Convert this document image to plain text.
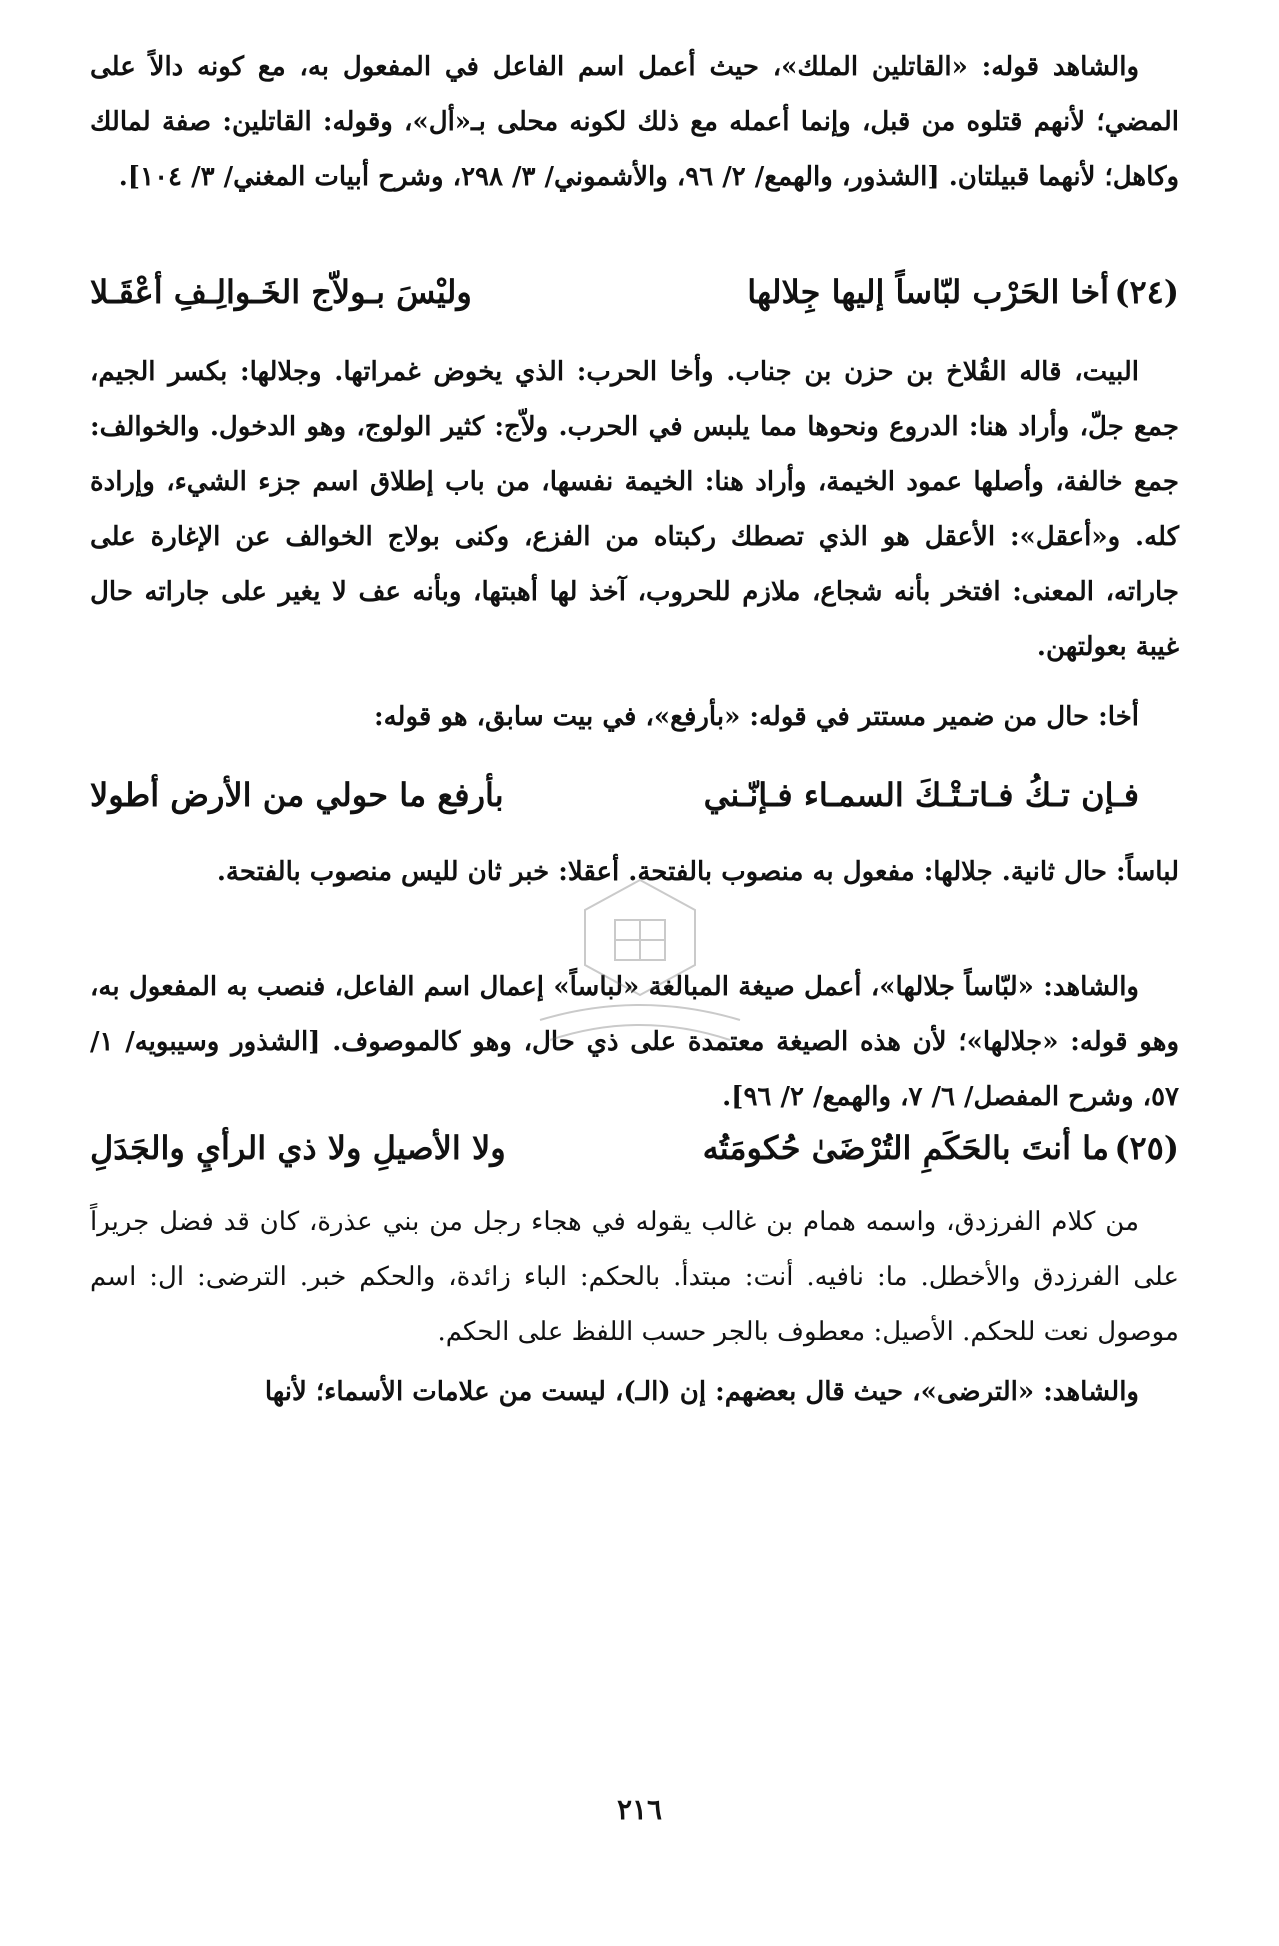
والشاهد قوله: «القاتلين الملك»، حيث أعمل اسم الفاعل في المفعول به، مع كونه دالاً على المضي؛ لأنهم قتلوه من قبل، وإنما أعمله مع ذلك لكونه محلى بـ«أل»، وقوله: القاتلين: صفة لمالك وكاهل؛ لأنهما قبيلتان. [الشذور، والهمع/ ٢/ ٩٦، والأشموني/ ٣/ ٢٩٨، وشرح أبيات المغني/ ٣/ ١٠٤].

(٢٤)
أخا الحَرْب لبّاساً إليها جِلالها
وليْسَ بـولاّج الخَـوالِـفِ أعْقَـلا

البيت، قاله القُلاخ بن حزن بن جناب. وأخا الحرب: الذي يخوض غمراتها. وجلالها: بكسر الجيم، جمع جلّ، وأراد هنا: الدروع ونحوها مما يلبس في الحرب. ولاّج: كثير الولوج، وهو الدخول. والخوالف: جمع خالفة، وأصلها عمود الخيمة، وأراد هنا: الخيمة نفسها، من باب إطلاق اسم جزء الشيء، وإرادة كله. و«أعقل»: الأعقل هو الذي تصطك ركبتاه من الفزع، وكنى بولاج الخوالف عن الإغارة على جاراته، المعنى: افتخر بأنه شجاع، ملازم للحروب، آخذ لها أهبتها، وبأنه عف لا يغير على جاراته حال غيبة بعولتهن.

أخا: حال من ضمير مستتر في قوله: «بأرفع»، في بيت سابق، هو قوله:

فـإن تـكُ فـاتـتْـكَ السمـاء فـإنّـني
بأرفع ما حولي من الأرض أطولا

لباساً: حال ثانية. جلالها: مفعول به منصوب بالفتحة. أعقلا: خبر ثان لليس منصوب بالفتحة.

والشاهد: «لبّاساً جلالها»، أعمل صيغة المبالغة «لباساً» إعمال اسم الفاعل، فنصب به المفعول به، وهو قوله: «جلالها»؛ لأن هذه الصيغة معتمدة على ذي حال، وهو كالموصوف. [الشذور وسيبويه/ ١/ ٥٧، وشرح المفصل/ ٦/ ٧، والهمع/ ٢/ ٩٦].

(٢٥)
ما أنتَ بالحَكَمِ التُرْضَىٰ حُكومَتُه
ولا الأصيلِ ولا ذي الرأيِ والجَدَلِ

من كلام الفرزدق، واسمه همام بن غالب يقوله في هجاء رجل من بني عذرة، كان قد فضل جريراً على الفرزدق والأخطل. ما: نافيه. أنت: مبتدأ. بالحكم: الباء زائدة، والحكم خبر. الترضى: ال: اسم موصول نعت للحكم. الأصيل: معطوف بالجر حسب اللفظ على الحكم.

والشاهد: «الترضى»، حيث قال بعضهم: إن (الـ)، ليست من علامات الأسماء؛ لأنها

٢١٦
